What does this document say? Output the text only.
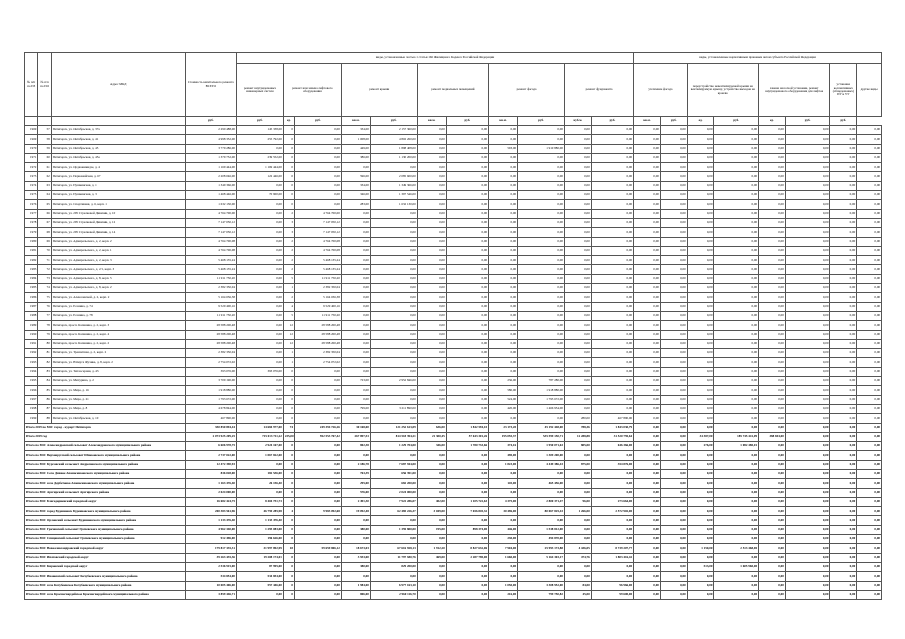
№ п/п по ПЗ	№ п/п по ПО	Адрес МКД	Стоимость капитального ремонта ВСЕГО	виды, установленные частью 1 статьи 166 Жилищного Кодекса Российской Федерации											виды, установленные нормативным правовым актом субъекта Российской Федерации							
				ремонт внутридомовых инженерных систем	ремонт или замена лифтового оборудования		ремонт крыши		ремонт подвальных помещений		ремонт фасада		ремонт фундамента		утепление фасада		переустройство невентилируемой крыши на вентилируемую крышу, устройство выходов на кровлю		замена насосной установки, ремонт внутридомового оборудования для лифтов		установка коллективных (общедомовых) ПУ и УУ	другие виды
			руб.	руб.	ед.	руб.	кв.м.	руб.	кв.м.	руб.	кв.м.	руб.	куб.м.	руб.	кв.м.	руб.	ед.	руб.	ед.	руб.	руб.	
1969	57	Пятигорск, ул. Октябрьская, д. 37а	2 290 488,00	145 338,00	0	0,00	334,00	2 157 360,00	0,00	0,00	0,00	0,00	0,00	0,00	0,00	0,00	0,00	0,00	0,00	0,00	0,00	0,00
1969	58	Пятигорск, ул. Октябрьская, д. 41	4 998 352,00	255 792,00	0	0,00	1 008,00	4 802 260,00	0,00	0,00	0,00	0,00	0,00	0,00	0,00	0,00	0,00	0,00	0,00	0,00	0,00	0,00
1970	59	Пятигорск, ул. Октябрьская, д. 45	3 779 286,00	0,00	0	0,00	449,00	1 898 408,00	0,00	0,00	593,00	1 910 880,00	0,00	0,00	0,00	0,00	0,00	0,00	0,00	0,00	0,00	0,00
1971	60	Пятигорск, ул. Октябрьская, д. 45а	1 379 752,00	239 552,00	0	0,00	386,00	1 130 200,00	0,00	0,00	0,00	0,00	0,00	0,00	0,00	0,00	0,00	0,00	0,00	0,00	0,00	0,00
1972	61	Пятигорск, ул. Орджоникидзе, д. 4	1 169 444,00	1 169 444,00	0	0,00	0,00	0,00	0,00	0,00	0,00	0,00	0,00	0,00	0,00	0,00	0,00	0,00	0,00	0,00	0,00	0,00
1973	62	Пятигорск, ул. Первомайская, д. 67	2 208 046,00	122 446,00	0	0,00	596,00	2 085 600,00	0,00	0,00	0,00	0,00	0,00	0,00	0,00	0,00	0,00	0,00	0,00	0,00	0,00	0,00
1974	63	Пятигорск, ул. Пушкинская, д. 1	1 349 366,00	0,00	0	0,00	334,00	1 349 366,00	0,00	0,00	0,00	0,00	0,00	0,00	0,00	0,00	0,00	0,00	0,00	0,00	0,00	0,00
1975	64	Пятигорск, ул. Пушкинская, д. 3	1 468 446,00	70 900,00	0	0,00	346,00	1 397 546,00	0,00	0,00	0,00	0,00	0,00	0,00	0,00	0,00	0,00	0,00	0,00	0,00	0,00	0,00
1976	65	Пятигорск, ул. Спортивная, д. 6, корп. 1	1 632 130,00	0,00	0	0,00	283,00	1 632 130,00	0,00	0,00	0,00	0,00	0,00	0,00	0,00	0,00	0,00	0,00	0,00	0,00	0,00	0,00
1977	66	Пятигорск, ул. 295 Стрелковой Дивизии, д. 10	4 764 700,00	0,00	2	4 764 700,00	0,00	0,00	0,00	0,00	0,00	0,00	0,00	0,00	0,00	0,00	0,00	0,00	0,00	0,00	0,00	0,00
1978	67	Пятигорск, ул. 295 Стрелковой Дивизии, д. 12	7 147 050,12	0,00	3	7 147 050,12	0,00	0,00	0,00	0,00	0,00	0,00	0,00	0,00	0,00	0,00	0,00	0,00	0,00	0,00	0,00	0,00
1979	68	Пятигорск, ул. 295 Стрелковой Дивизии, д. 14	7 147 050,12	0,00	3	7 147 050,12	0,00	0,00	0,00	0,00	0,00	0,00	0,00	0,00	0,00	0,00	0,00	0,00	0,00	0,00	0,00	0,00
1980	69	Пятигорск, ул. Адмиральского, д. 2, корп. 2	4 764 700,08	0,00	2	4 764 700,08	0,00	0,00	0,00	0,00	0,00	0,00	0,00	0,00	0,00	0,00	0,00	0,00	0,00	0,00	0,00	0,00
1981	70	Пятигорск, ул. Адмиральского, д. 2, корп. 1	4 764 700,08	0,00	2	4 764 700,08	0,00	0,00	0,00	0,00	0,00	0,00	0,00	0,00	0,00	0,00	0,00	0,00	0,00	0,00	0,00	0,00
1982	71	Пятигорск, ул. Адмиральского, д. 2, корп. 3	5 468 135,24	0,00	2	5 468 135,24	0,00	0,00	0,00	0,00	0,00	0,00	0,00	0,00	0,00	0,00	0,00	0,00	0,00	0,00	0,00	0,00
1983	72	Пятигорск, ул. Адмиральского, д. 2/1, корп. 3	5 468 135,24	0,00	2	5 468 135,24	0,00	0,00	0,00	0,00	0,00	0,00	0,00	0,00	0,00	0,00	0,00	0,00	0,00	0,00	0,00	0,00
1984	73	Пятигорск, ул. Адмиральского, д. 8, корп. 5	11 911 750,20	0,00	5	11 911 750,20	0,00	0,00	0,00	0,00	0,00	0,00	0,00	0,00	0,00	0,00	0,00	0,00	0,00	0,00	0,00	0,00
1985	74	Пятигорск, ул. Адмиральского, д. 8, корп. 2	2 382 350,04	0,00	1	2 382 350,04	0,00	0,00	0,00	0,00	0,00	0,00	0,00	0,00	0,00	0,00	0,00	0,00	0,00	0,00	0,00	0,00
1986	75	Пятигорск, ул. Алексеевской, д. 2, корп. 2	5 164 036,38	0,00	2	5 164 036,38	0,00	0,00	0,00	0,00	0,00	0,00	0,00	0,00	0,00	0,00	0,00	0,00	0,00	0,00	0,00	0,00
1987	76	Пятигорск, ул. Есенина, д. 74	9 529 400,16	0,00	4	9 529 400,16	0,00	0,00	0,00	0,00	0,00	0,00	0,00	0,00	0,00	0,00	0,00	0,00	0,00	0,00	0,00	0,00
1988	77	Пятигорск, ул. Есенина, д. 78	11 911 750,20	0,00	5	11 911 750,20	0,00	0,00	0,00	0,00	0,00	0,00	0,00	0,00	0,00	0,00	0,00	0,00	0,00	0,00	0,00	0,00
1989	78	Пятигорск, просп. Калинина, д. 2, корп. 3	28 588 200,48	0,00	12	28 588 200,48	0,00	0,00	0,00	0,00	0,00	0,00	0,00	0,00	0,00	0,00	0,00	0,00	0,00	0,00	0,00	0,00
1990	79	Пятигорск, просп. Калинина, д. 2, корп. 4	28 588 200,48	0,00	12	28 588 200,48	0,00	0,00	0,00	0,00	0,00	0,00	0,00	0,00	0,00	0,00	0,00	0,00	0,00	0,00	0,00	0,00
1991	80	Пятигорск, просп. Калинина, д. 2, корп. 2	28 588 200,48	0,00	12	28 588 200,48	0,00	0,00	0,00	0,00	0,00	0,00	0,00	0,00	0,00	0,00	0,00	0,00	0,00	0,00	0,00	0,00
1992	81	Пятигорск, ул. Транзитная, д. 2, корп. 2	2 382 350,04	0,00	1	2 382 350,04	0,00	0,00	0,00	0,00	0,00	0,00	0,00	0,00	0,00	0,00	0,00	0,00	0,00	0,00	0,00	0,00
1993	82	Пятигорск, ул. Юлиуса Фучика, д. 8, корп. 2	2 754 072,02	0,00	1	2 754 072,02	0,00	0,00	0,00	0,00	0,00	0,00	0,00	0,00	0,00	0,00	0,00	0,00	0,00	0,00	0,00	0,00
1994	83	Пятигорск, ул. Теплосерная, д. 43	393 076,00	393 076,00	0	0,00	0,00	0,00	0,00	0,00	0,00	0,00	0,00	0,00	0,00	0,00	0,00	0,00	0,00	0,00	0,00	0,00
1995	84	Пятигорск, ул. Мичурина, д. 2	3 709 190,00	0,00	0	0,00	723,00	2 952 846,00	0,00	0,00	236,00	787 280,00	0,00	0,00	0,00	0,00	0,00	0,00	0,00	0,00	0,00	0,00
1996	85	Пятигорск, ул. Мира, д. 16	1 918 880,00	0,00	0	0,00	0,00	0,00	0,00	0,00	580,00	1 918 880,00	0,00	0,00	0,00	0,00	0,00	0,00	0,00	0,00	0,00	0,00
1997	86	Пятигорск, ул. Мира, д. 21	1 793 672,00	0,00	0	0,00	0,00	0,00	0,00	0,00	524,00	1 793 672,00	0,00	0,00	0,00	0,00	0,00	0,00	0,00	0,00	0,00	0,00
1998	87	Пятигорск, ул. Мира, д. 8	4 678 844,00	0,00	0	0,00	799,00	3 211 890,00	0,00	0,00	420,00	1 466 954,00	0,00	0,00	0,00	0,00	0,00	0,00	0,00	0,00	0,00	0,00
1999	88	Пятигорск, ул. Октябрьская, д. 10	467 890,00	0,00	0	0,00	0,00	0,00	0,00	0,00	0,00	0,00	280,00	467 890,00	0,00	0,00	0,00	0,00	0,00	0,00	0,00	0,00
Итого 2019 по МО: город - курорт Пятигорск			350 850 894,44	14 684 977,00	74	249 394 726,26	30 168,00	121 252 613,09	636,00	1 842 594,10	23 173,20	45 192 448,00	788,36	1 843 030,79	0,00	0,00	0,00	0,00	0,00	0,00	0,00	0,00
Итого 2019 год			2 073 925 209,25	715 013 711,22	235,00	592 553 767,42	267 897,53	814 518 394,21	21 300,45	57 643 301,26	195 055,37	535 599 150,71	12 288,88	31 520 759,64	0,00	0,00	34 387,00	185 745 441,09	388 694,00	0,00	0,00	0,00
Итого по МО: Александровский сельсовет Александровского муниципального района			6 606 978,75	2 924 167,00	0	0,00	802,38	1 229 704,00	346,00	1 780 733,66	374,16	1 950 071,63	805,00	646 366,00	0,00	0,00	276,00	1 082 480,01	0,00	0,00	0,00	0,00
Итого по МО: Верхнерусский сельсовет Шпаковского муниципального района			2 737 022,00	1 067 822,00	0	0,00	0,00	0,00	0,00	0,00	490,00	1 309 200,00	0,00	0,00	0,00	0,00	0,00	0,00	0,00	0,00	0,00	0,00
Итого по МО: Курсавский сельсовет Андроповского муниципального района			12 472 390,93	0,00	0	0,00	2 186,78	7 687 944,00	0,00	0,00	1 823,00	4 449 386,43	875,00	354 876,00	0,00	0,00	0,00	0,00	0,00	0,00	0,00	0,00
Итого по МО: Село Дивное Апанасенковского муниципального района			836 028,00	182 536,00	0	0,00	763,39	656 391,00	0,00	0,00	0,00	0,00	0,00	0,00	0,00	0,00	0,00	0,00	0,00	0,00	0,00	0,00
Итого по МО: село Дербетовка Апанасенковского муниципального района			1 163 476,40	26 156,40	0	0,00	295,00	682 200,00	0,00	0,00	145,00	465 456,00	0,00	0,00	0,00	0,00	0,00	0,00	0,00	0,00	0,00	0,00
Итого по МО: Арзгирский сельсовет Арзгирского района			2 024 000,00	0,00	0	0,00	576,00	2 024 000,00	0,00	0,00	0,00	0,00	0,00	0,00	0,00	0,00	0,00	0,00	0,00	0,00	0,00	0,00
Итого по МО: Благодарненский городской округ			16 682 424,75	8 404 751,73	0	0,00	2 491,30	7 922 286,07	402,00	1 105 722,63	4 375,00	2 800 371,47	96,00	273 664,00	0,00	0,00	0,00	0,00	0,00	0,00	0,00	0,00
Итого по МО: город Буденновск Буденновского муниципального района			200 383 561,96	46 759 285,98	4	9 983 092,68	19 092,48	62 485 226,37	3 049,00	7 656 845,32	30 496,00	80 067 825,43	1 266,00	2 572 902,00	0,00	0,00	0,00	0,00	0,00	0,00	0,00	0,00
Итого по МО: Орловский сельсовет Буденновского муниципального района			1 133 476,40	1 133 476,40	0	0,00	0,00	0,00	0,00	0,00	0,00	0,00	0,00	0,00	0,00	0,00	0,00	0,00	0,00	0,00	0,00	0,00
Итого по МО: Грачевский сельсовет Грачевского муниципального района			4 962 340,00	1 295 083,00	0	0,00	380,00	1 359 800,00	195,00	898 374,00	446,00	1 538 812,00	0,00	0,00	0,00	0,00	0,00	0,00	0,00	0,00	0,00	0,00
Итого по МО: Спицевский сельсовет Грачевского муниципального района			912 496,00	196 626,00	0	0,00	0,00	0,00	0,00	0,00	230,00	494 870,00	0,00	0,00	0,00	0,00	0,00	0,00	0,00	0,00	0,00	0,00
Итого по МО: Новоалександровский городской округ			179 817 335,31	31 997 892,99	18	59 659 806,12	18 673,03	67 616 928,13	1 912,20	8 827 632,06	7 904,00	25 993 173,88	4 436,05	8 739 207,77	0,00	0,00	1 150,00	2 513 468,69	0,00	0,00	0,00	0,00
Итого по МО: Ипатовский городской округ			39 263 435,36	19 208 174,01	0	0,00	3 933,00	11 797 380,76	469,00	2 287 790,00	1 660,00	5 164 303,17	474,76	1 803 416,42	0,00	0,00	0,00	0,00	0,00	0,00	0,00	0,00
Итого по МО: Кировский городской округ			2 536 915,00	87 995,00	0	0,00	380,00	829 200,00	0,00	0,00	0,00	0,00	0,00	0,00	0,00	0,00	513,00	1 605 960,00	0,00	0,00	0,00	0,00
Итого по МО: Ивановский сельсовет Кочубеевского муниципального района			534 854,00	534 854,00	0	0,00	0,00	0,00	0,00	0,00	0,00	0,00	0,00	0,00	0,00	0,00	0,00	0,00	0,00	0,00	0,00	0,00
Итого по МО: село Кочубеевское Кочубеевского муниципального района			10 005 406,00	557 446,00	0	0,00	1 984,00	6 977 163,10	0,00	0,00	1 050,00	3 308 952,00	84,00	96 966,00	0,00	0,00	0,00	0,00	0,00	0,00	0,00	0,00
Итого по МО: село Красногвардейское Красногвардейского муниципального района			3 859 446,71	0,00	0	0,00	806,00	2 960 116,70	0,00	0,00	216,00	799 750,82	45,00	99 600,00	0,00	0,00	0,00	0,00	0,00	0,00	0,00	0,00
